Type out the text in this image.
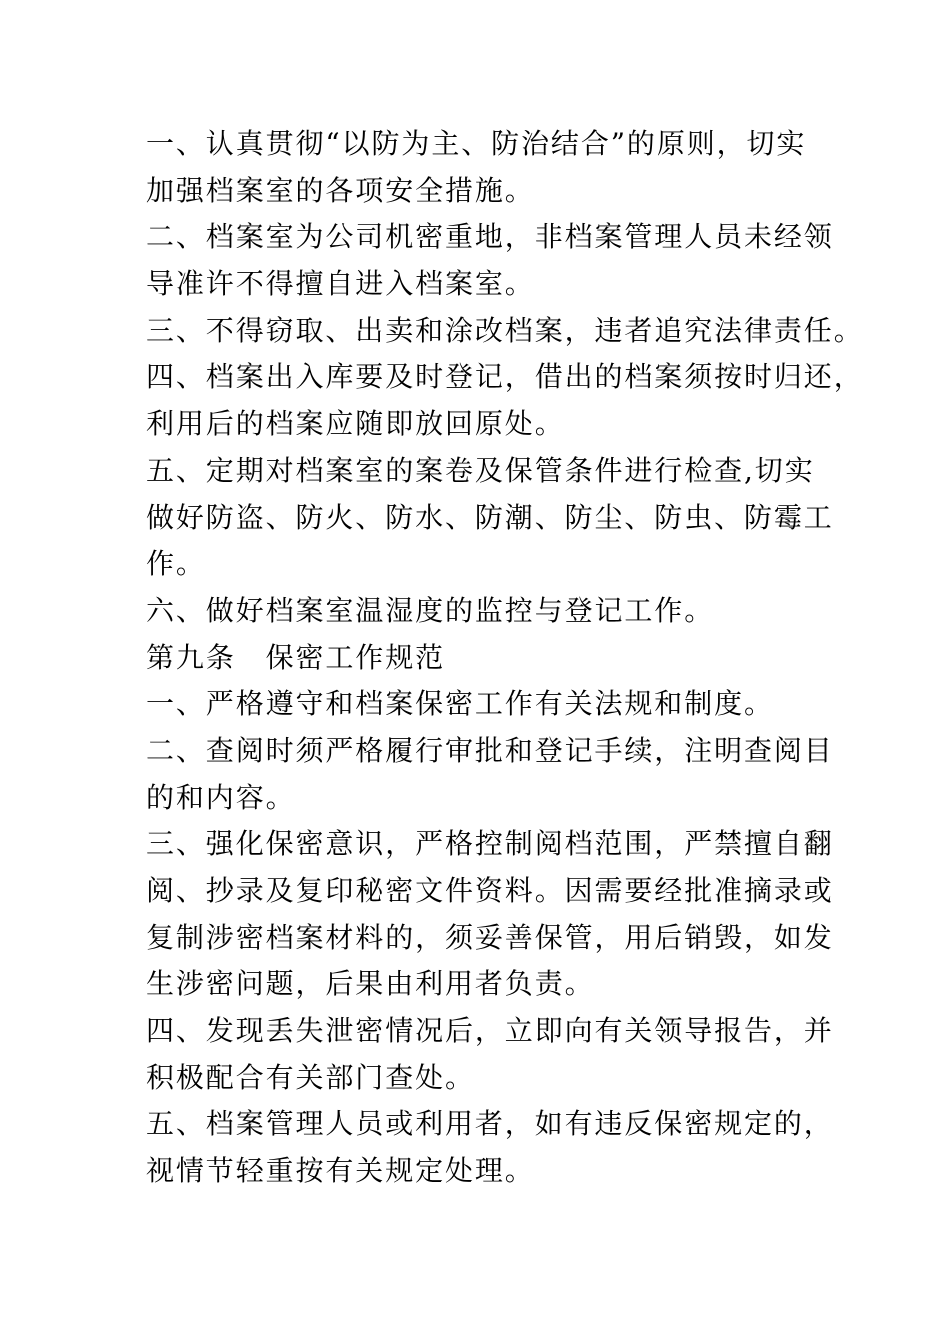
一、认真贯彻“以防为主、防治结合”的原则，切实
加强档案室的各项安全措施。
二、档案室为公司机密重地，非档案管理人员未经领
导准许不得擅自进入档案室。
三、不得窃取、出卖和涂改档案，违者追究法律责任。
四、档案出入库要及时登记，借出的档案须按时归还，
利用后的档案应随即放回原处。
五、定期对档案室的案卷及保管条件进行检查,切实
做好防盗、防火、防水、防潮、防尘、防虫、防霉工
作。
六、做好档案室温湿度的监控与登记工作。
第九条　保密工作规范
一、严格遵守和档案保密工作有关法规和制度。
二、查阅时须严格履行审批和登记手续，注明查阅目
的和内容。
三、强化保密意识，严格控制阅档范围，严禁擅自翻
阅、抄录及复印秘密文件资料。因需要经批准摘录或
复制涉密档案材料的，须妥善保管，用后销毁，如发
生涉密问题，后果由利用者负责。
四、发现丢失泄密情况后，立即向有关领导报告，并
积极配合有关部门查处。
五、档案管理人员或利用者，如有违反保密规定的，
视情节轻重按有关规定处理。
